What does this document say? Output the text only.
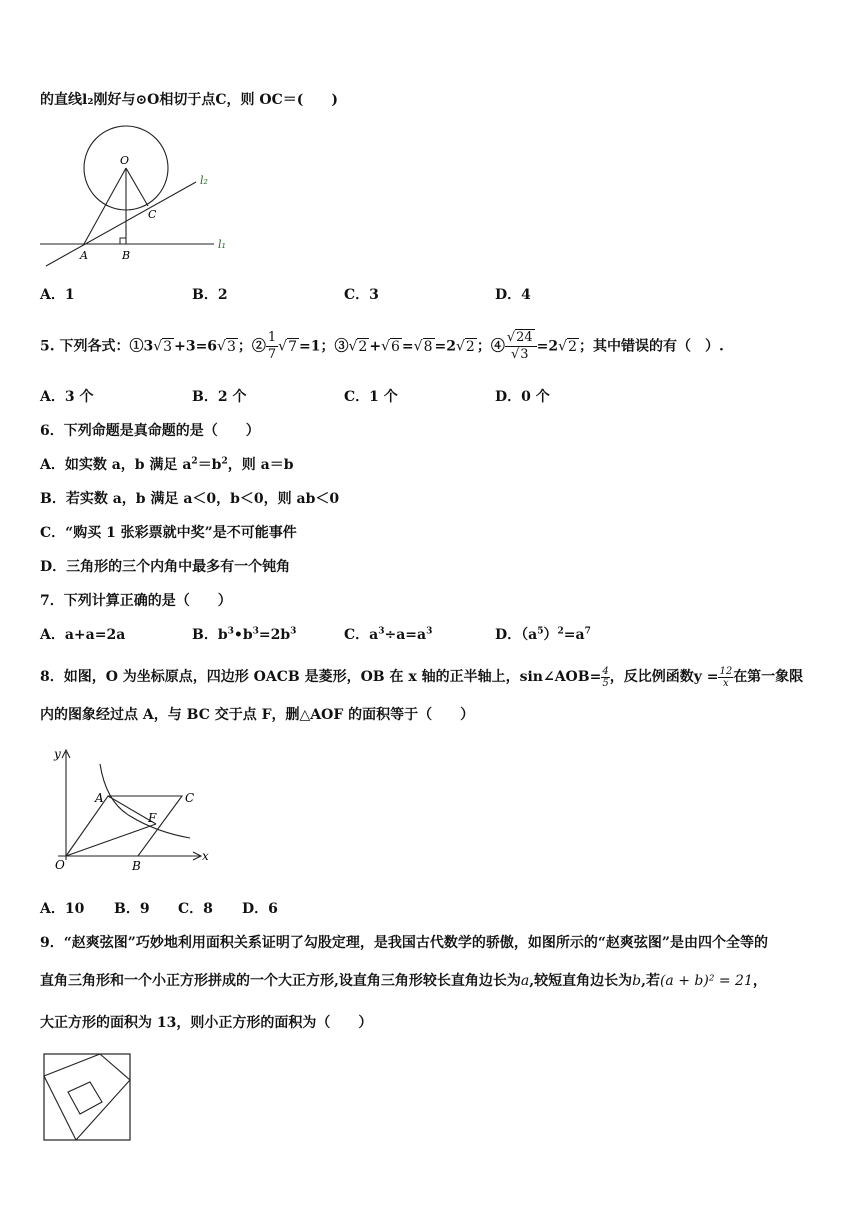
的直线l₂刚好与⊙O相切于点C，则 OC＝(　　)
O
C
A	B
l₁
l₂
A．1	B．2	C．3	D．4
5. 下列各式：①3√3 +3=6√3 ；② $\frac{1}{7} √7 =1$；③√2 +√6 =√8 =2√2 ；④ $\frac{√24}{√3} =2√2$ ；其中错误的有（　）.
A．3 个	B．2 个	C．1 个	D．0 个
6．下列命题是真命题的是（　　）
A．如实数 a，b 满足 $a^2=b^2$，则 a＝b
B．若实数 a，b 满足 a＜0，b＜0，则 ab＜0
C．“购买 1 张彩票就中奖”是不可能事件
D．三角形的三个内角中最多有一个钝角
7．下列计算正确的是（　　）
A．a+a=2a	B．$b^3•b^3=2b^3$	C．$a^3\div a=a^3$	D．$(a^5)^2=a^7$
8．如图，O 为坐标原点，四边形 OACB 是菱形，OB 在 x 轴的正半轴上，sin∠AOB= $\frac{4}{5}$ ，反比例函数$y = \frac{12}{x}$ 在第一象限
内的图象经过点 A，与 BC 交于点 F，删△AOF 的面积等于（　　）
y
x
O
A	C
F
B
A．10 B．9 C．8 D．6
9．“赵爽弦图”巧妙地利用面积关系证明了勾股定理，是我国古代数学的骄傲，如图所示的“赵爽弦图”是由四个全等的
直角三角形和一个小正方形拼成的一个大正方形,设直角三角形较长直角边长为a,较短直角边长为b,若(a + b)² = 21，
大正方形的面积为 13，则小正方形的面积为（　　）
